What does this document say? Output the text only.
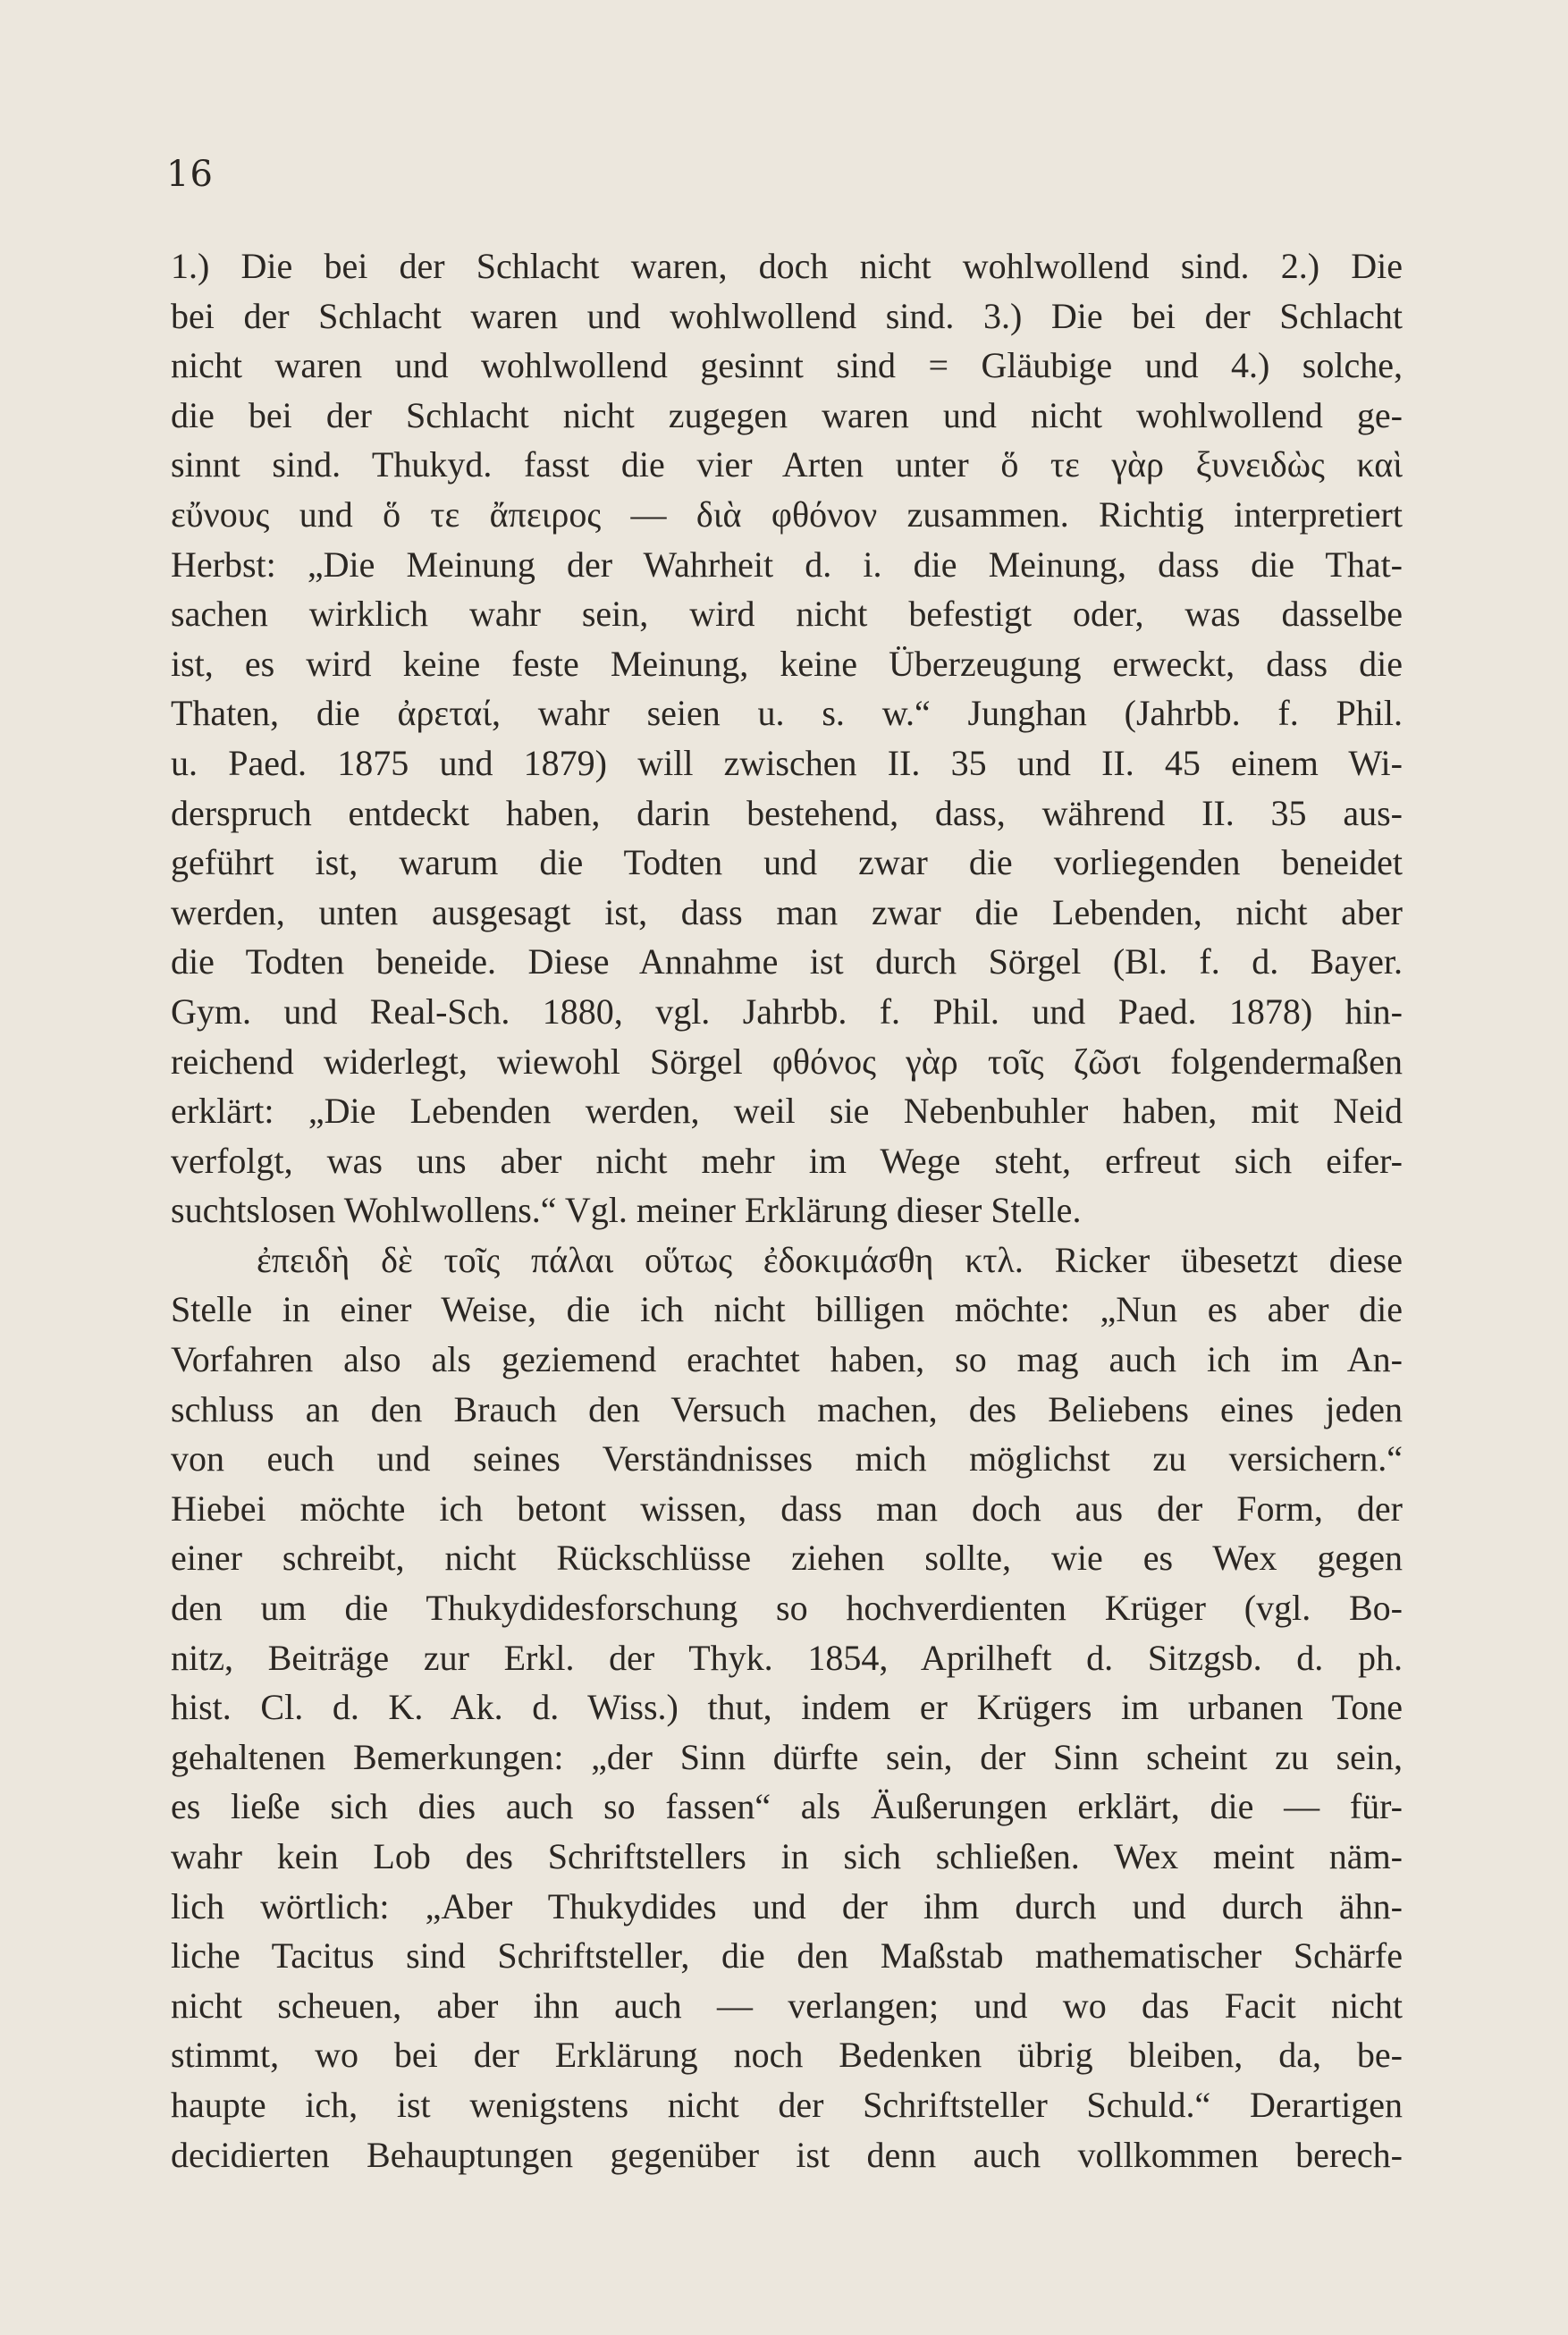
16
1.) Die bei der Schlacht waren, doch nicht wohlwollend sind. 2.) Die
bei der Schlacht waren und wohlwollend sind. 3.) Die bei der Schlacht
nicht waren und wohlwollend gesinnt sind = Gläubige und 4.) solche,
die bei der Schlacht nicht zugegen waren und nicht wohlwollend ge-
sinnt sind. Thukyd. fasst die vier Arten unter ὅ τε γὰρ ξυνειδὼς καὶ
εὔνους und ὅ τε ἄπειρος — διὰ φθόνον zusammen. Richtig interpretiert
Herbst: „Die Meinung der Wahrheit d. i. die Meinung, dass die That-
sachen wirklich wahr sein, wird nicht befestigt oder, was dasselbe
ist, es wird keine feste Meinung, keine Überzeugung erweckt, dass die
Thaten, die ἀρεταί, wahr seien u. s. w.“ Junghan (Jahrbb. f. Phil.
u. Paed. 1875 und 1879) will zwischen II. 35 und II. 45 einem Wi-
derspruch entdeckt haben, darin bestehend, dass, während II. 35 aus-
geführt ist, warum die Todten und zwar die vorliegenden beneidet
werden, unten ausgesagt ist, dass man zwar die Lebenden, nicht aber
die Todten beneide. Diese Annahme ist durch Sörgel (Bl. f. d. Bayer.
Gym. und Real-Sch. 1880, vgl. Jahrbb. f. Phil. und Paed. 1878) hin-
reichend widerlegt, wiewohl Sörgel φθόνος γὰρ τοῖς ζῶσι folgendermaßen
erklärt: „Die Lebenden werden, weil sie Nebenbuhler haben, mit Neid
verfolgt, was uns aber nicht mehr im Wege steht, erfreut sich eifer-
suchtslosen Wohlwollens.“ Vgl. meiner Erklärung dieser Stelle.
ἐπειδὴ δὲ τοῖς πάλαι οὕτως ἐδοκιμάσθη κτλ. Ricker übesetzt diese
Stelle in einer Weise, die ich nicht billigen möchte: „Nun es aber die
Vorfahren also als geziemend erachtet haben, so mag auch ich im An-
schluss an den Brauch den Versuch machen, des Beliebens eines jeden
von euch und seines Verständnisses mich möglichst zu versichern.“
Hiebei möchte ich betont wissen, dass man doch aus der Form, der
einer schreibt, nicht Rückschlüsse ziehen sollte, wie es Wex gegen
den um die Thukydidesforschung so hochverdienten Krüger (vgl. Bo-
nitz, Beiträge zur Erkl. der Thyk. 1854, Aprilheft d. Sitzgsb. d. ph.
hist. Cl. d. K. Ak. d. Wiss.) thut, indem er Krügers im urbanen Tone
gehaltenen Bemerkungen: „der Sinn dürfte sein, der Sinn scheint zu sein,
es ließe sich dies auch so fassen“ als Äußerungen erklärt, die — für-
wahr kein Lob des Schriftstellers in sich schließen. Wex meint näm-
lich wörtlich: „Aber Thukydides und der ihm durch und durch ähn-
liche Tacitus sind Schriftsteller, die den Maßstab mathematischer Schärfe
nicht scheuen, aber ihn auch — verlangen; und wo das Facit nicht
stimmt, wo bei der Erklärung noch Bedenken übrig bleiben, da, be-
haupte ich, ist wenigstens nicht der Schriftsteller Schuld.“ Derartigen
decidierten Behauptungen gegenüber ist denn auch vollkommen berech-
